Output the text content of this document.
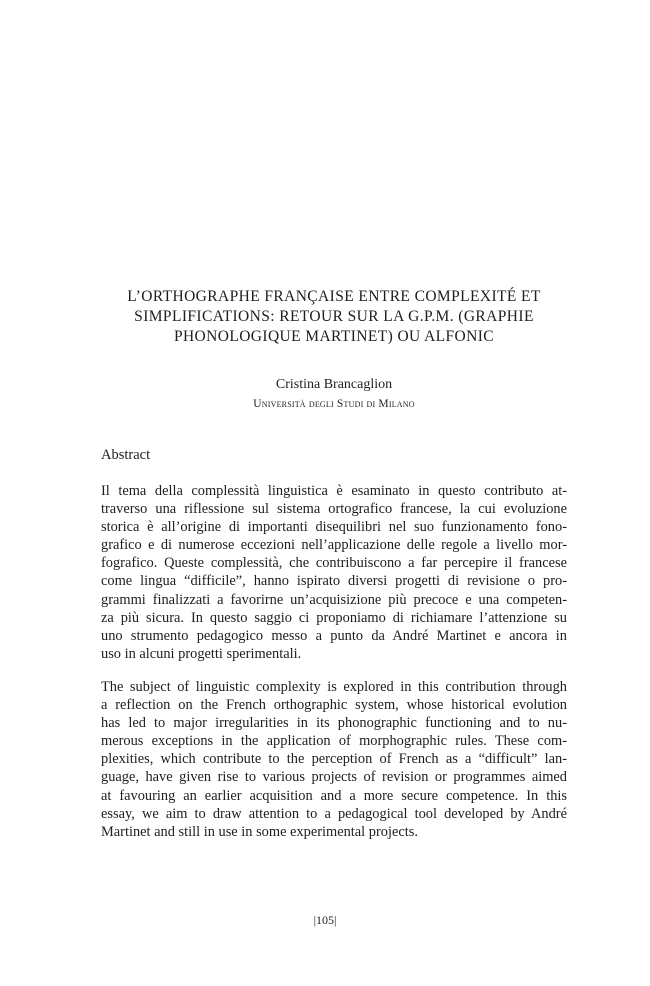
L’ORTHOGRAPHE FRANÇAISE ENTRE COMPLEXITÉ ET
SIMPLIFICATIONS: RETOUR SUR LA G.P.M. (GRAPHIE
PHONOLOGIQUE MARTINET) OU ALFONIC

Cristina Brancaglion

Università degli Studi di Milano

Abstract

Il tema della complessità linguistica è esaminato in questo contributo at-
traverso una riflessione sul sistema ortografico francese, la cui evoluzione
storica è all’origine di importanti disequilibri nel suo funzionamento fono-
grafico e di numerose eccezioni nell’applicazione delle regole a livello mor-
fografico. Queste complessità, che contribuiscono a far percepire il francese
come lingua “difficile”, hanno ispirato diversi progetti di revisione o pro-
grammi finalizzati a favorirne un’acquisizione più precoce e una competen-
za più sicura. In questo saggio ci proponiamo di richiamare l’attenzione su
uno strumento pedagogico messo a punto da André Martinet e ancora in
uso in alcuni progetti sperimentali.

The subject of linguistic complexity is explored in this contribution through
a reflection on the French orthographic system, whose historical evolution
has led to major irregularities in its phonographic functioning and to nu-
merous exceptions in the application of morphographic rules. These com-
plexities, which contribute to the perception of French as a “difficult” lan-
guage, have given rise to various projects of revision or programmes aimed
at favouring an earlier acquisition and a more secure competence. In this
essay, we aim to draw attention to a pedagogical tool developed by André
Martinet and still in use in some experimental projects.

|105|
